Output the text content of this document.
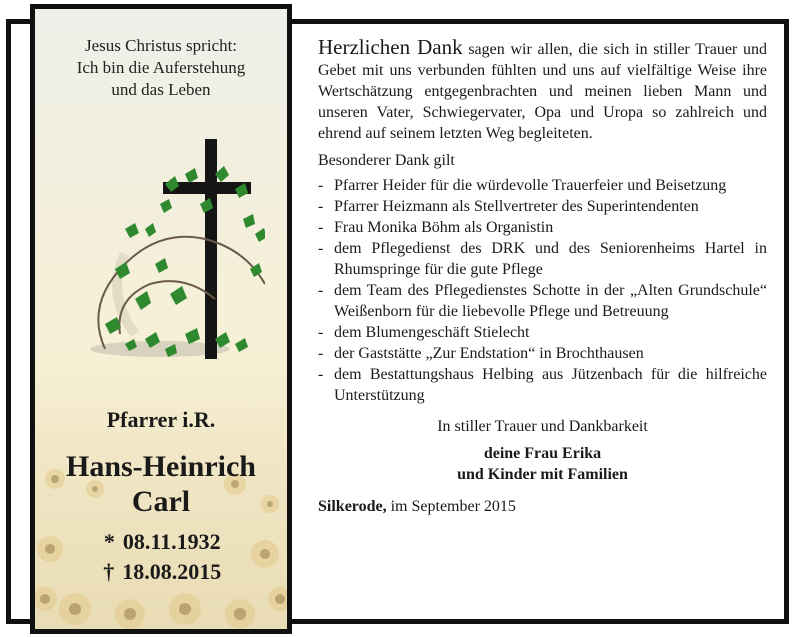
Jesus Christus spricht:
Ich bin die Auferstehung
und das Leben
Pfarrer i.R.
Hans-Heinrich
Carl
* 08.11.1932
† 18.08.2015
Herzlichen Dank sagen wir allen, die sich in stiller Trauer und Gebet mit uns verbunden fühlten und uns auf vielfältige Weise ihre Wertschätzung entgegenbrachten und meinen lieben Mann und unseren Vater, Schwiegervater, Opa und Uropa so zahlreich und ehrend auf seinem letzten Weg begleiteten.
Besonderer Dank gilt
- Pfarrer Heider für die würdevolle Trauerfeier und Beisetzung
- Pfarrer Heizmann als Stellvertreter des Superintendenten
- Frau Monika Böhm als Organistin
- dem Pflegedienst des DRK und des Seniorenheims Hartel in Rhumspringe für die gute Pflege
- dem Team des Pflegedienstes Schotte in der „Alten Grundschule“ Weißenborn für die liebevolle Pflege und Betreuung
- dem Blumengeschäft Stielecht
- der Gaststätte „Zur Endstation“ in Brochthausen
- dem Bestattungshaus Helbing aus Jützenbach für die hilfreiche Unterstützung
In stiller Trauer und Dankbarkeit
deine Frau Erika
und Kinder mit Familien
Silkerode, im September 2015
